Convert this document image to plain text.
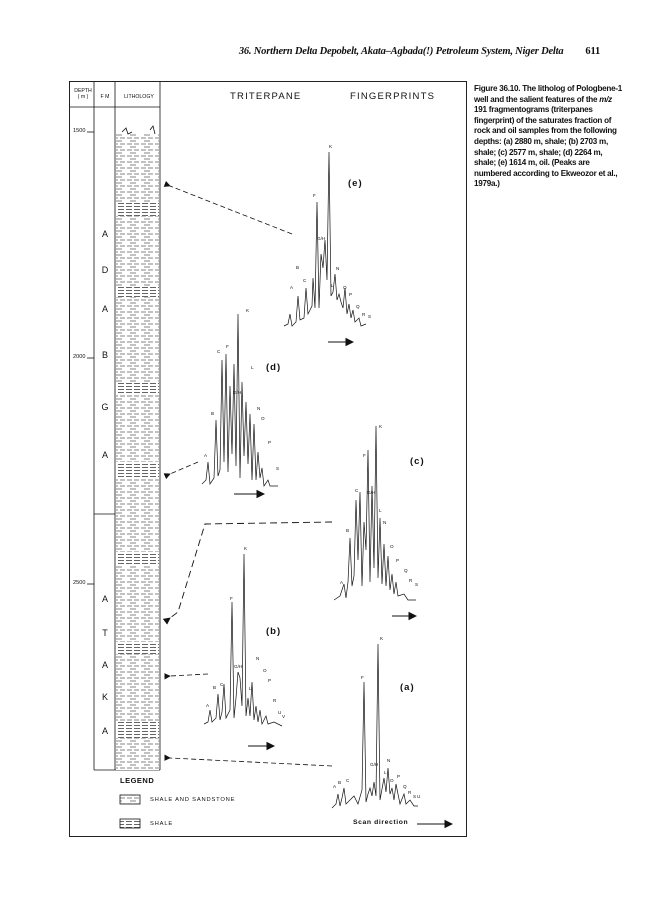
36. Northern Delta Depobelt, Akata–Agbada(!) Petroleum System, Niger Delta 611
Figure 36.10. The litholog of Pologbene-1 well and the salient features of the m/z 191 fragmentograms (triterpanes fingerprint) of the saturates fraction of rock and oil samples from the following depths: (a) 2880 m, shale; (b) 2703 m, shale; (c) 2577 m, shale; (d) 2264 m, shale; (e) 1614 m, oil. (Peaks are numbered according to Ekweozor et al., 1979a.)
A
B
C
F
G/H
K
L
N
O
P
Q
R S
A
B
C
F
G/H
K
L
N
O
P
S
A
B
C
F
G/H
K
L
N
O
P
Q
R
S
A
B
C
F
G/H
K
L
N
O
P
R
U
V
A
B C
F
G/H
K
N
L
O
P
Q
R
S U
DEPTH
( m )	F M	LITHOLOGY	TRITERPANE	FINGERPRINTS
1500
2000
2500
A
G
B
A
D
A
A
K
A
T
A
(e)
(d)
(c)
(b)
(a)
LEGEND
SHALE AND SANDSTONE
SHALE	Scan direction
